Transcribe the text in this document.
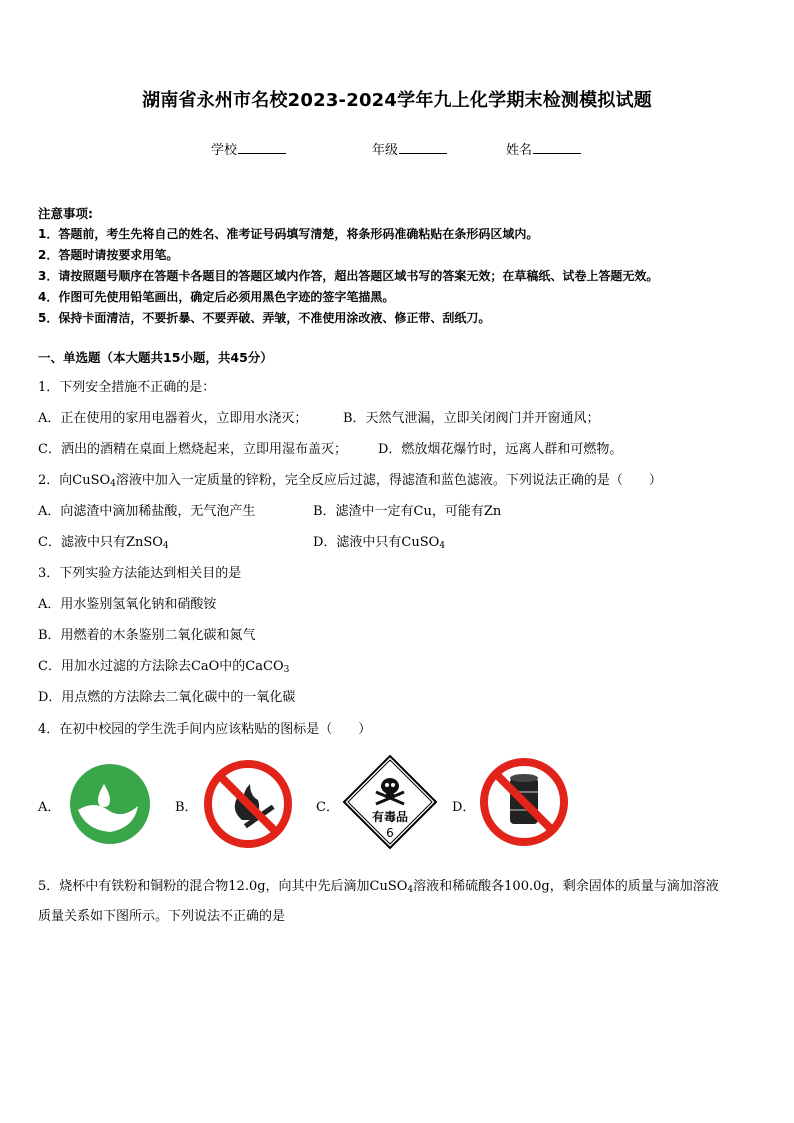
湖南省永州市名校2023-2024学年九上化学期末检测模拟试题
学校	年级	姓名
注意事项:
1．答题前，考生先将自己的姓名、准考证号码填写清楚，将条形码准确粘贴在条形码区域内。
2．答题时请按要求用笔。
3．请按照题号顺序在答题卡各题目的答题区域内作答，超出答题区域书写的答案无效；在草稿纸、试卷上答题无效。
4．作图可先使用铅笔画出，确定后必须用黑色字迹的签字笔描黑。
5．保持卡面清洁，不要折暴、不要弄破、弄皱，不准使用涂改液、修正带、刮纸刀。
一、单选题（本大题共15小题，共45分）
1．下列安全措施不正确的是：
A．正在使用的家用电器着火，立即用水浇灭；	B．天然气泄漏，立即关闭阀门并开窗通风；
C．洒出的酒精在桌面上燃烧起来，立即用湿布盖灭； D．燃放烟花爆竹时，远离人群和可燃物。
2．向CuSO$_4$溶液中加入一定质量的锌粉，完全反应后过滤，得滤渣和蓝色滤液。下列说法正确的是（　　）
A．向滤渣中滴加稀盐酸，无气泡产生	B．滤渣中一定有Cu，可能有Zn
C．滤液中只有ZnSO$_4$	D．滤液中只有CuSO$_4$
3．下列实验方法能达到相关目的是
A．用水鉴别氢氧化钠和硝酸铵
B．用燃着的木条鉴别二氧化碳和氮气
C．用加水过滤的方法除去CaO中的CaCO$_3$
D．用点燃的方法除去二氧化碳中的一氧化碳
4．在初中校园的学生洗手间内应该粘贴的图标是（　　）
A．	B．	C．
有毒品
6
D．
5．烧杯中有铁粉和铜粉的混合物12.0g，向其中先后滴加CuSO$_4$溶液和稀硫酸各100.0g，剩余固体的质量与滴加溶液
质量关系如下图所示。下列说法不正确的是
